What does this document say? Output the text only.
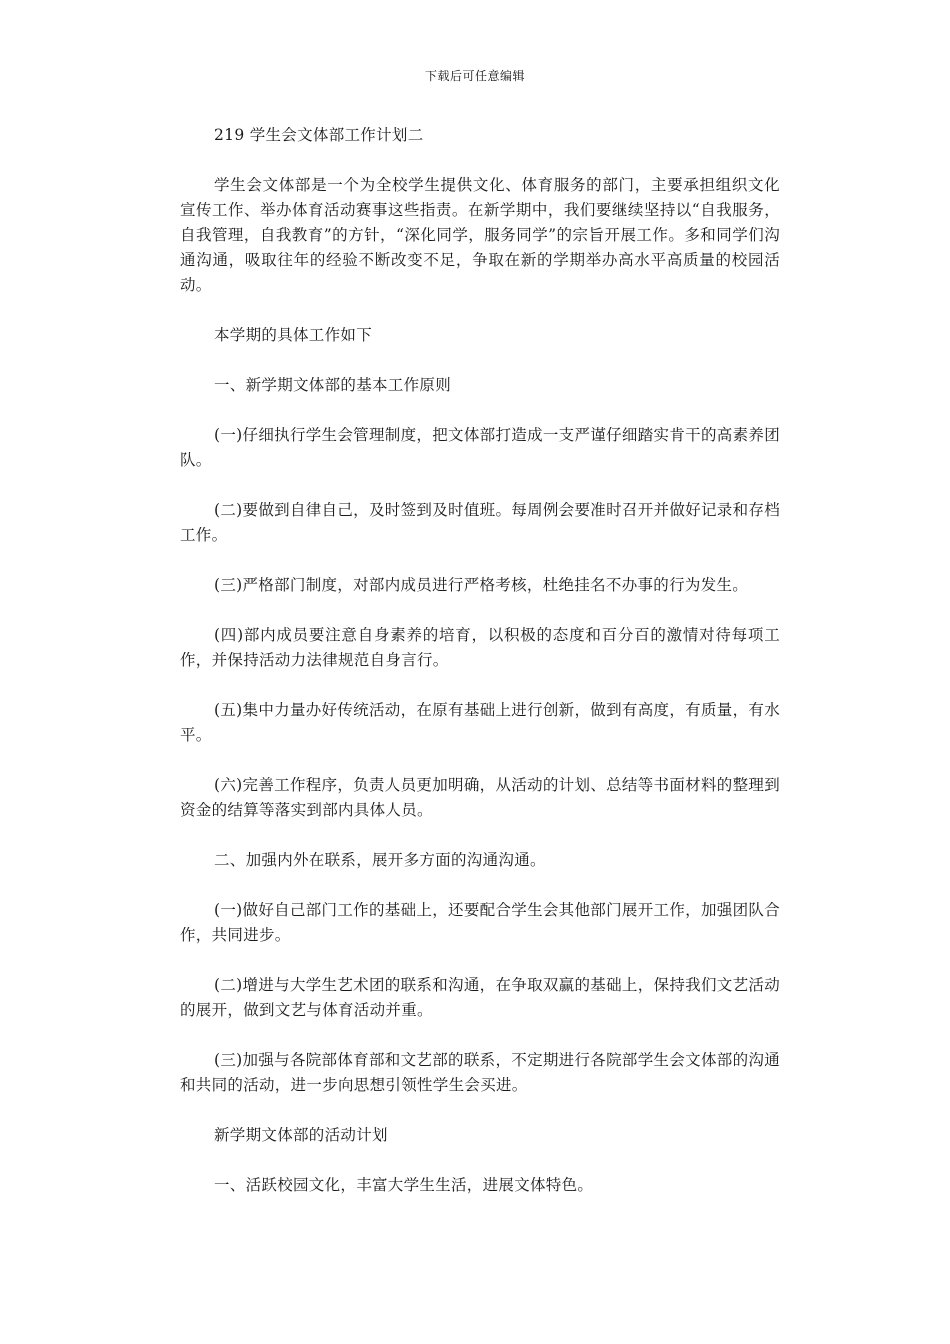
下载后可任意编辑

219 学生会文体部工作计划二

学生会文体部是一个为全校学生提供文化、体育服务的部门，主要承担组织文化宣传工作、举办体育活动赛事这些指责。在新学期中，我们要继续坚持以“自我服务，自我管理，自我教育”的方针，“深化同学，服务同学”的宗旨开展工作。多和同学们沟通沟通，吸取往年的经验不断改变不足，争取在新的学期举办高水平高质量的校园活动。

本学期的具体工作如下

一、新学期文体部的基本工作原则

(一)仔细执行学生会管理制度，把文体部打造成一支严谨仔细踏实肯干的高素养团队。

(二)要做到自律自己，及时签到及时值班。每周例会要准时召开并做好记录和存档工作。

(三)严格部门制度，对部内成员进行严格考核，杜绝挂名不办事的行为发生。

(四)部内成员要注意自身素养的培育，以积极的态度和百分百的激情对待每项工作，并保持活动力法律规范自身言行。

(五)集中力量办好传统活动，在原有基础上进行创新，做到有高度，有质量，有水平。

(六)完善工作程序，负责人员更加明确，从活动的计划、总结等书面材料的整理到资金的结算等落实到部内具体人员。

二、加强内外在联系，展开多方面的沟通沟通。

(一)做好自己部门工作的基础上，还要配合学生会其他部门展开工作，加强团队合作，共同进步。

(二)增进与大学生艺术团的联系和沟通，在争取双赢的基础上，保持我们文艺活动的展开，做到文艺与体育活动并重。

(三)加强与各院部体育部和文艺部的联系，不定期进行各院部学生会文体部的沟通和共同的活动，进一步向思想引领性学生会买进。

新学期文体部的活动计划

一、活跃校园文化，丰富大学生生活，进展文体特色。
